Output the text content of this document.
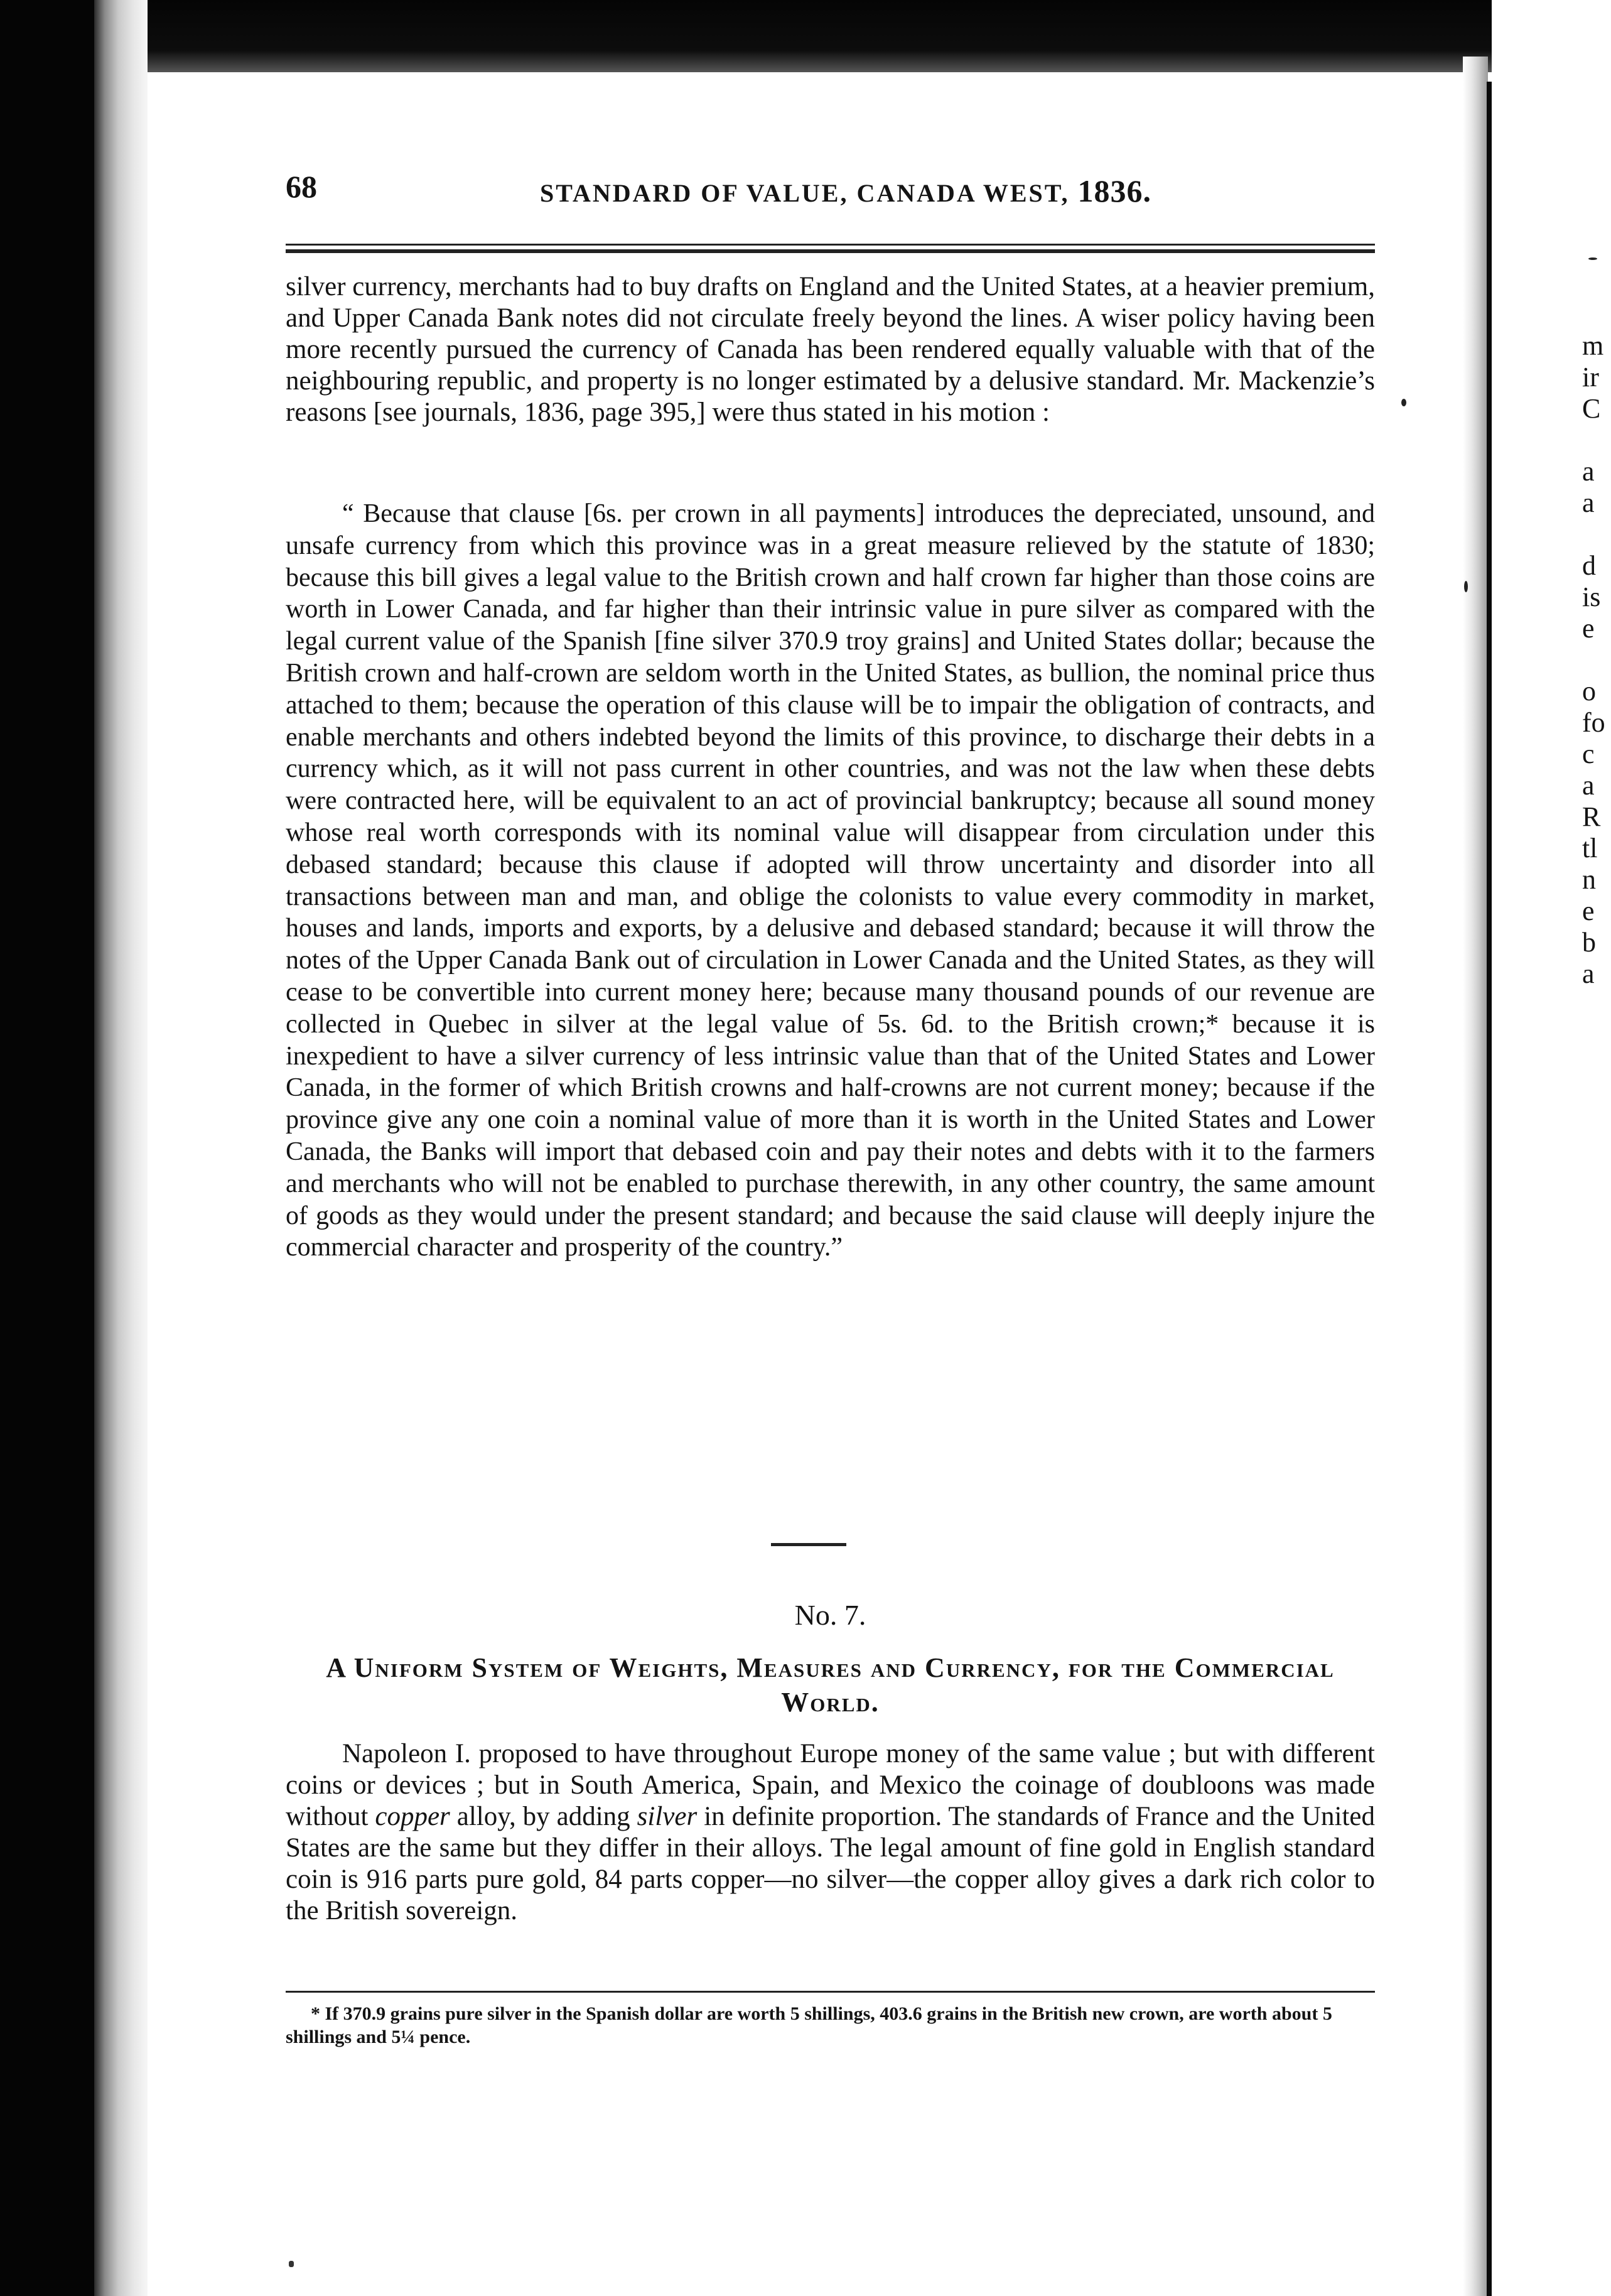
68	STANDARD OF VALUE, CANADA WEST, 1836.

silver currency, merchants had to buy drafts on England and the United States, at a heavier premium, and Upper Canada Bank notes did not circulate freely beyond the lines. A wiser policy having been more recently pursued the currency of Canada has been rendered equally valuable with that of the neighbouring republic, and property is no longer estimated by a delusive standard. Mr. Mackenzie’s reasons [see journals, 1836, page 395,] were thus stated in his motion :

“ Because that clause [6s. per crown in all payments] introduces the depreciated, unsound, and unsafe currency from which this province was in a great measure relieved by the statute of 1830; because this bill gives a legal value to the British crown and half crown far higher than those coins are worth in Lower Canada, and far higher than their intrinsic value in pure silver as compared with the legal current value of the Spanish [fine silver 370.9 troy grains] and United States dollar; because the British crown and half-crown are seldom worth in the United States, as bullion, the nominal price thus attached to them; because the operation of this clause will be to impair the obligation of contracts, and enable merchants and others indebted beyond the limits of this province, to discharge their debts in a currency which, as it will not pass current in other countries, and was not the law when these debts were contracted here, will be equivalent to an act of provincial bankruptcy; because all sound money whose real worth corresponds with its nominal value will disappear from circulation under this debased standard; because this clause if adopted will throw uncertainty and disorder into all transactions between man and man, and oblige the colonists to value every commodity in market, houses and lands, imports and exports, by a delusive and debased standard; because it will throw the notes of the Upper Canada Bank out of circulation in Lower Canada and the United States, as they will cease to be convertible into current money here; because many thousand pounds of our revenue are collected in Quebec in silver at the legal value of 5s. 6d. to the British crown;* because it is inexpedient to have a silver currency of less intrinsic value than that of the United States and Lower Canada, in the former of which British crowns and half-crowns are not current money; because if the province give any one coin a nominal value of more than it is worth in the United States and Lower Canada, the Banks will import that debased coin and pay their notes and debts with it to the farmers and merchants who will not be enabled to purchase therewith, in any other country, the same amount of goods as they would under the present standard; and because the said clause will deeply injure the commercial character and prosperity of the country.”

No. 7.
A Uniform System of Weights, Measures and Currency, for the Commercial World.

Napoleon I. proposed to have throughout Europe money of the same value ; but with different coins or devices ; but in South America, Spain, and Mexico the coinage of doubloons was made without copper alloy, by adding silver in definite proportion. The standards of France and the United States are the same but they differ in their alloys. The legal amount of fine gold in English standard coin is 916 parts pure gold, 84 parts copper—no silver—the copper alloy gives a dark rich color to the British sovereign.

* If 370.9 grains pure silver in the Spanish dollar are worth 5 shillings, 403.6 grains in the British new crown, are worth about 5 shillings and 5¼ pence.
